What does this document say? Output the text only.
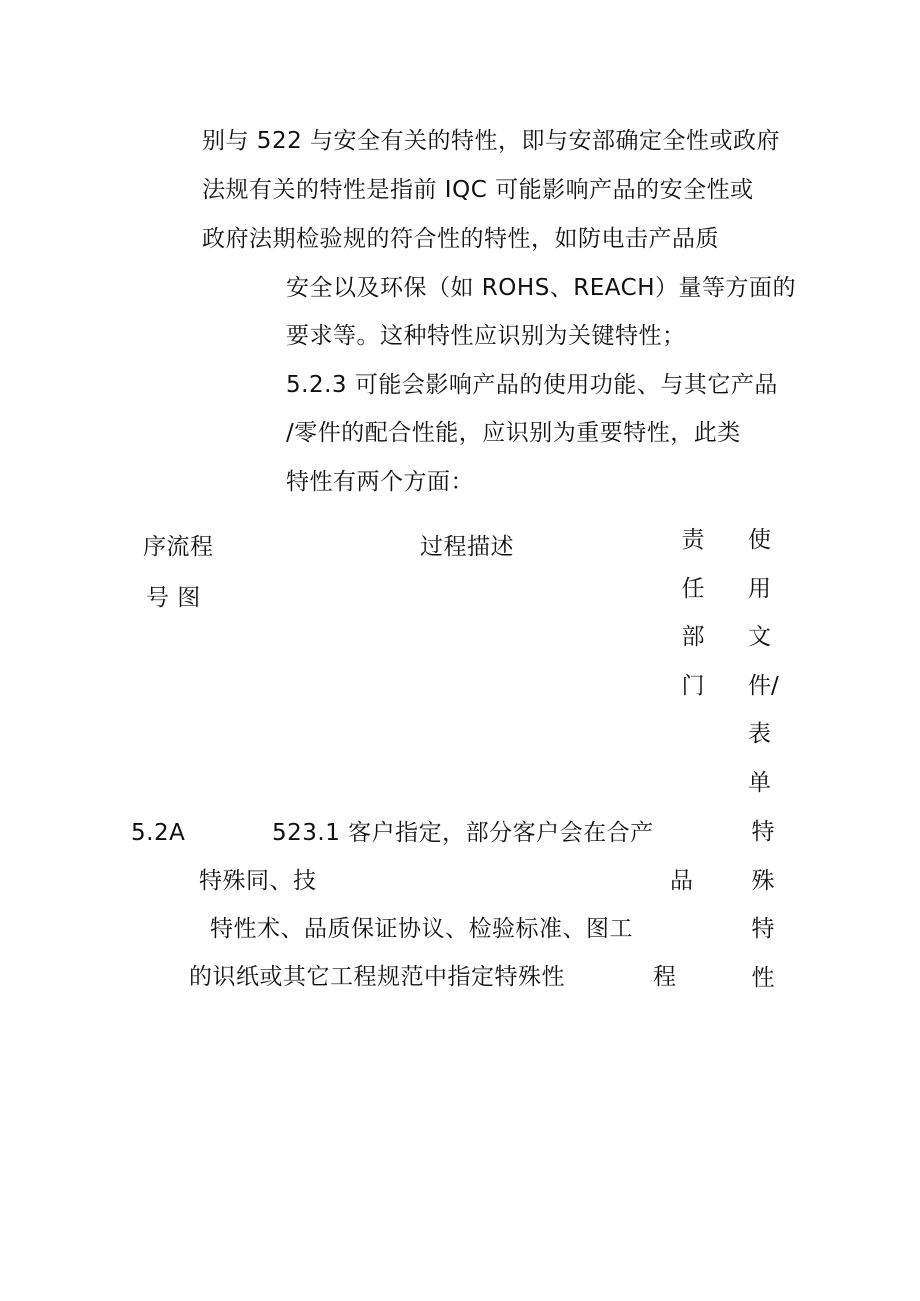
别与 522 与安全有关的特性，即与安部确定全性或政府
法规有关的特性是指前 IQC 可能影响产品的安全性或
政府法期检验规的符合性的特性，如防电击产品质
安全以及环保（如 ROHS、REACH）量等方面的
要求等。这种特性应识别为关键特性；
5.2.3 可能会影响产品的使用功能、与其它产品
/零件的配合性能，应识别为重要特性，此类
特性有两个方面：
序流程
号 图
过程描述	责
任
部
门
使
用
文
件/
表
单
5.2A	523.1 客户指定，部分客户会在合产
特殊同、技
特性术、品质保证协议、检验标准、图工
的识纸或其它工程规范中指定特殊性
品
程
特
殊
特
性
